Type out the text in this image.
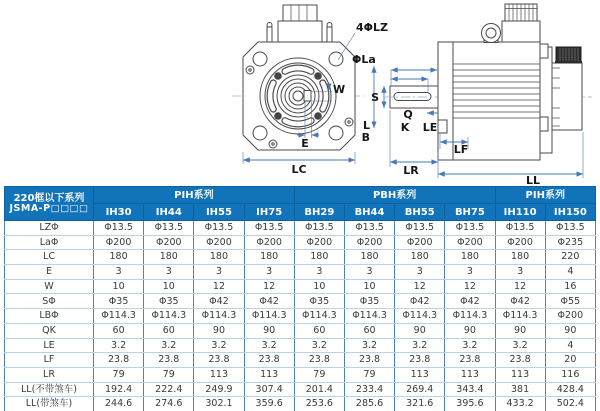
4ΦLZ
ΦLa
W
E
LC
L
B
S
Q
K LE
LF
LR
LL
220框以下系列
JSMA-P□□□□	PIH系列				PBH系列				PIH系列	
	IH30	IH44	IH55	IH75	BH29	BH44	BH55	BH75	IH110	IH150
LZΦ	Φ13.5	Φ13.5	Φ13.5	Φ13.5	Φ13.5	Φ13.5	Φ13.5	Φ13.5	Φ13.5	Φ13.5
LaΦ	Φ200	Φ200	Φ200	Φ200	Φ200	Φ200	Φ200	Φ200	Φ200	Φ235
LC	180	180	180	180	180	180	180	180	180	220
E	3	3	3	3	3	3	3	3	3	4
W	10	10	12	12	10	10	12	12	12	16
SΦ	Φ35	Φ35	Φ42	Φ42	Φ35	Φ35	Φ42	Φ42	Φ42	Φ55
LBΦ	Φ114.3	Φ114.3	Φ114.3	Φ114.3	Φ114.3	Φ114.3	Φ114.3	Φ114.3	Φ114.3	Φ200
QK	60	60	90	90	60	60	90	90	90	90
LE	3.2	3.2	3.2	3.2	3.2	3.2	3.2	3.2	3.2	4
LF	23.8	23.8	23.8	23.8	23.8	23.8	23.8	23.8	23.8	20
LR	79	79	113	113	79	79	113	113	113	116
LL(不带煞车)	192.4	222.4	249.9	307.4	201.4	233.4	269.4	343.4	381	428.4
LL(带煞车)	244.6	274.6	302.1	359.6	253.6	285.6	321.6	395.6	433.2	502.4
